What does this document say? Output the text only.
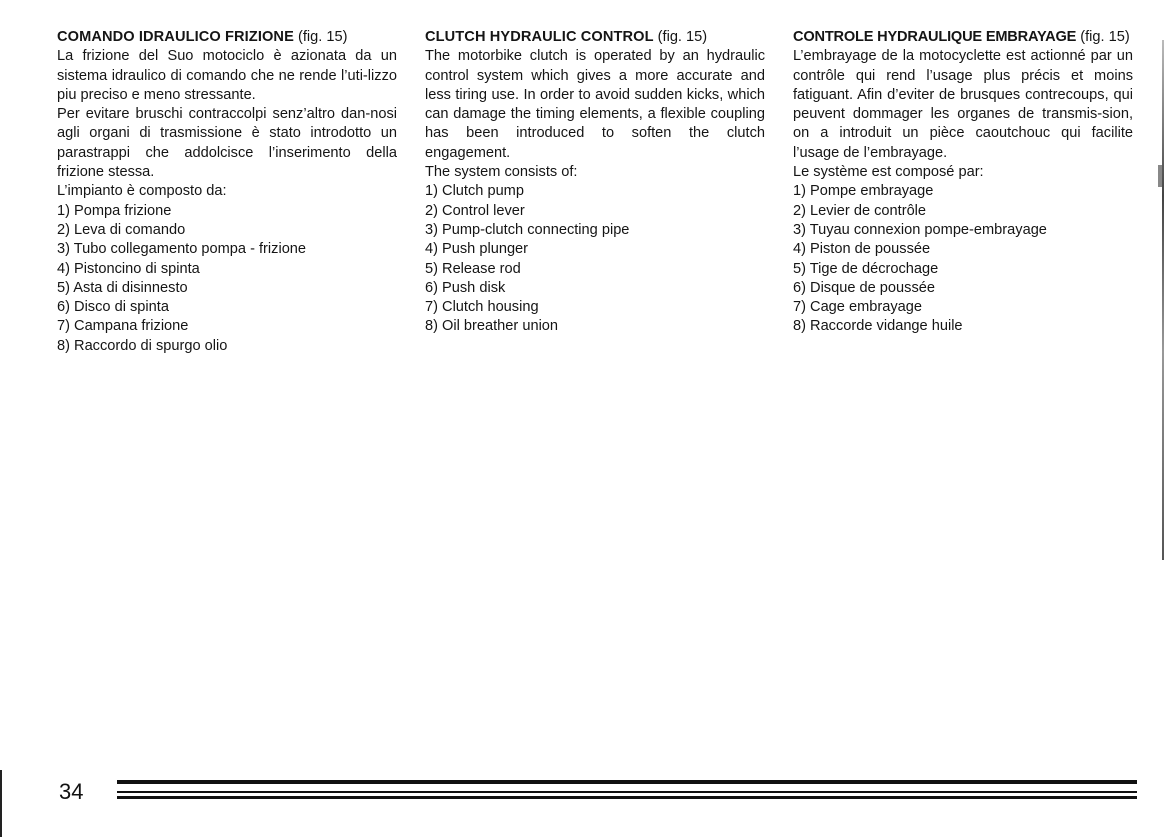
COMANDO IDRAULICO FRIZIONE (fig. 15)

La frizione del Suo motociclo è azionata da un sistema idraulico di comando che ne rende l’uti-lizzo piu preciso e meno stressante.

Per evitare bruschi contraccolpi senz’altro dan-nosi agli organi di trasmissione è stato introdotto un parastrappi che addolcisce l’inserimento della frizione stessa.

L’impianto è composto da:

1) Pompa frizione
2) Leva di comando
3) Tubo collegamento pompa - frizione
4) Pistoncino di spinta
5) Asta di disinnesto
6) Disco di spinta
7) Campana frizione
8) Raccordo di spurgo olio

CLUTCH HYDRAULIC CONTROL (fig. 15)

The motorbike clutch is operated by an hydraulic control system which gives a more accurate and less tiring use. In order to avoid sudden kicks, which can damage the timing elements, a flexible coupling has been introduced to soften the clutch engagement.

The system consists of:

1) Clutch pump
2) Control lever
3) Pump-clutch connecting pipe
4) Push plunger
5) Release rod
6) Push disk
7) Clutch housing
8) Oil breather union

CONTROLE HYDRAULIQUE EMBRAYAGE (fig. 15)

L’embrayage de la motocyclette est actionné par un contrôle qui rend l’usage plus précis et moins fatiguant. Afin d’eviter de brusques contrecoups, qui peuvent dommager les organes de transmis-sion, on a introduit un pièce caoutchouc qui facilite l’usage de l’embrayage.

Le système est composé par:

1) Pompe embrayage
2) Levier de contrôle
3) Tuyau connexion pompe-embrayage
4) Piston de poussée
5) Tige de décrochage
6) Disque de poussée
7) Cage embrayage
8) Raccorde vidange huile
34
